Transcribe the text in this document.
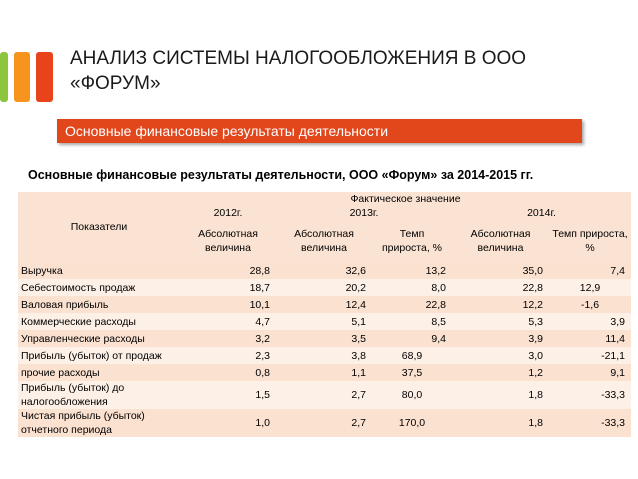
АНАЛИЗ СИСТЕМЫ НАЛОГООБЛОЖЕНИЯ В ООО «ФОРУМ»
Основные финансовые результаты деятельности
Основные финансовые результаты деятельности, ООО «Форум» за 2014-2015 гг.
Показатели	Фактическое значение				
	2012г.	2013г.		2014г.	
	Абсолютная величина	Абсолютная величина	Темп прироста, %	Абсолютная величина	Темп прироста, %
Выручка	28,8	32,6	13,2	35,0	7,4
Себестоимость продаж	18,7	20,2	8,0	22,8	12,9
Валовая прибыль	10,1	12,4	22,8	12,2	-1,6
Коммерческие расходы	4,7	5,1	8,5	5,3	3,9
Управленческие расходы	3,2	3,5	9,4	3,9	11,4
Прибыль (убыток) от продаж	2,3	3,8	68,9	3,0	-21,1
прочие расходы	0,8	1,1	37,5	1,2	9,1
Прибыль (убыток) до налогообложения	1,5	2,7	80,0	1,8	-33,3
Чистая прибыль (убыток) отчетного периода	1,0	2,7	170,0	1,8	-33,3
